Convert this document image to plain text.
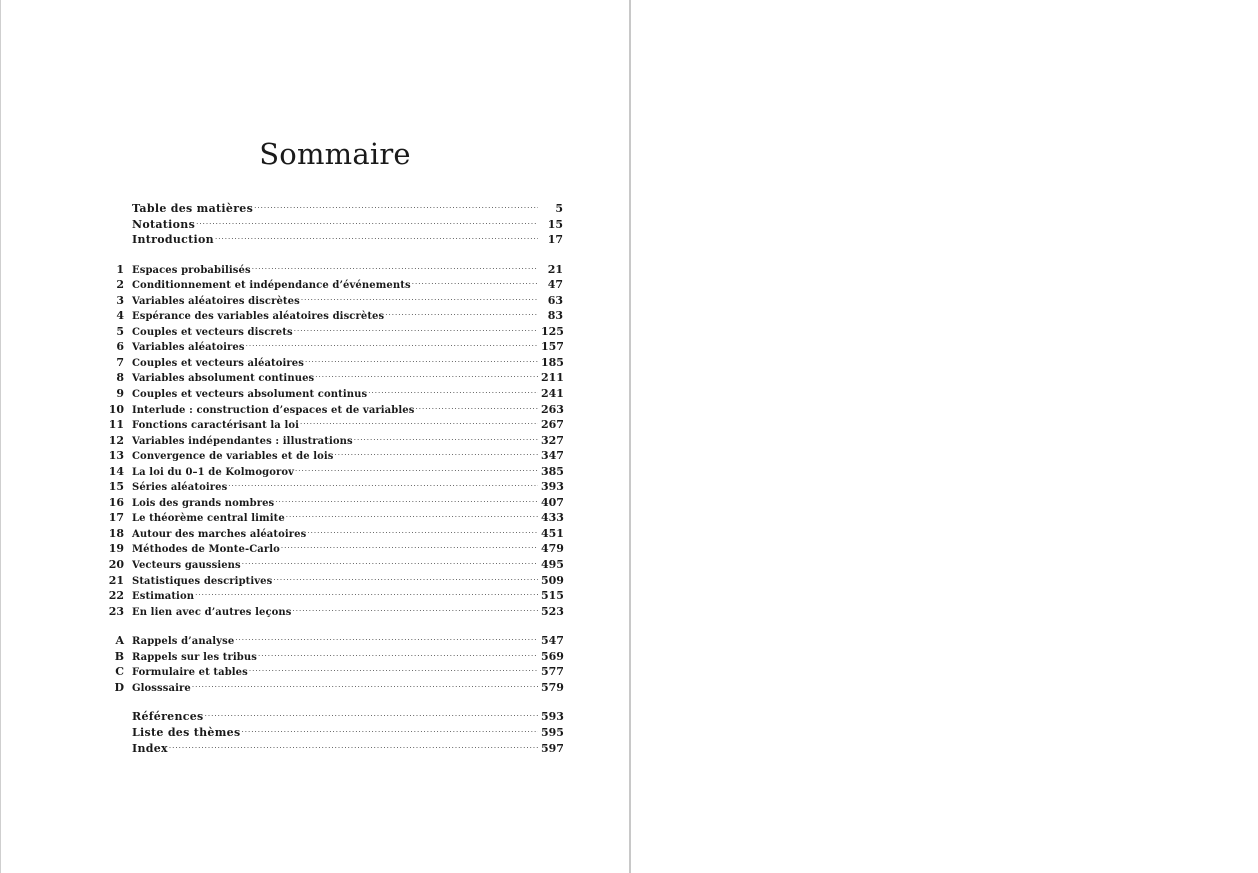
Sommaire
Table des matières . . .	5
Notations . . .	15
Introduction . . .	17
1 Espaces probabilisés . . .	21
2 Conditionnement et indépendance d’événements . . .	47
3 Variables aléatoires discrètes . . .	63
4 Espérance des variables aléatoires discrètes . . .	83
5 Couples et vecteurs discrets . . .	125
6 Variables aléatoires . . .	157
7 Couples et vecteurs aléatoires . . .	185
8 Variables absolument continues . . .	211
9 Couples et vecteurs absolument continus . . .	241
10 Interlude : construction d’espaces et de variables . . .	263
11 Fonctions caractérisant la loi . . .	267
12 Variables indépendantes : illustrations . . .	327
13 Convergence de variables et de lois . . .	347
14 La loi du 0–1 de Kolmogorov . . .	385
15 Séries aléatoires . . .	393
16 Lois des grands nombres . . .	407
17 Le théorème central limite . . .	433
18 Autour des marches aléatoires . . .	451
19 Méthodes de Monte-Carlo . . .	479
20 Vecteurs gaussiens . . .	495
21 Statistiques descriptives . . .	509
22 Estimation . . .	515
23 En lien avec d’autres leçons . . .	523
A Rappels d’analyse . . .	547
B Rappels sur les tribus . . .	569
C Formulaire et tables . . .	577
D Glosssaire . . .	579
Références . . .	593
Liste des thèmes . . .	595
Index . . .	597
